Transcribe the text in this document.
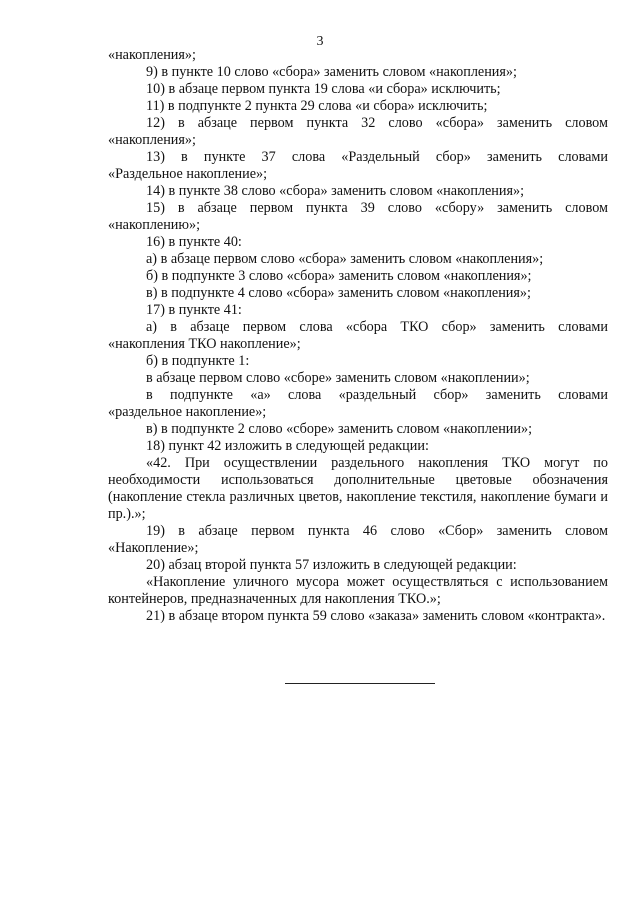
3

«накопления»;

9) в пункте 10 слово «сбора» заменить словом «накопления»;

10) в абзаце первом пункта 19 слова «и сбора» исключить;

11) в подпункте 2 пункта 29 слова «и сбора» исключить;

12) в абзаце первом пункта 32 слово «сбора» заменить словом

«накопления»;

13) в пункте 37 слова «Раздельный сбор» заменить словами

«Раздельное накопление»;

14) в пункте 38 слово «сбора» заменить словом «накопления»;

15) в абзаце первом пункта 39 слово «сбору» заменить словом

«накоплению»;

16) в пункте 40:

а) в абзаце первом слово «сбора» заменить словом «накопления»;

б) в подпункте 3 слово «сбора» заменить словом «накопления»;

в) в подпункте 4 слово «сбора» заменить словом «накопления»;

17) в пункте 41:

а) в абзаце первом слова «сбора ТКО сбор» заменить словами

«накопления ТКО накопление»;

б) в подпункте 1:

в абзаце первом слово «сборе» заменить словом «накоплении»;

в подпункте «а» слова «раздельный сбор» заменить словами

«раздельное накопление»;

в) в подпункте 2 слово «сборе» заменить словом «накоплении»;

18) пункт 42 изложить в следующей редакции:

«42. При осуществлении раздельного накопления ТКО могут по необходимости использоваться дополнительные цветовые обозначения (накопление стекла различных цветов, накопление текстиля, накопление бумаги и пр.).»;

19) в абзаце первом пункта 46 слово «Сбор» заменить словом

«Накопление»;

20) абзац второй пункта 57 изложить в следующей редакции:

«Накопление уличного мусора может осуществляться с использованием контейнеров, предназначенных для накопления ТКО.»;

21) в абзаце втором пункта 59 слово «заказа» заменить словом «контракта».
